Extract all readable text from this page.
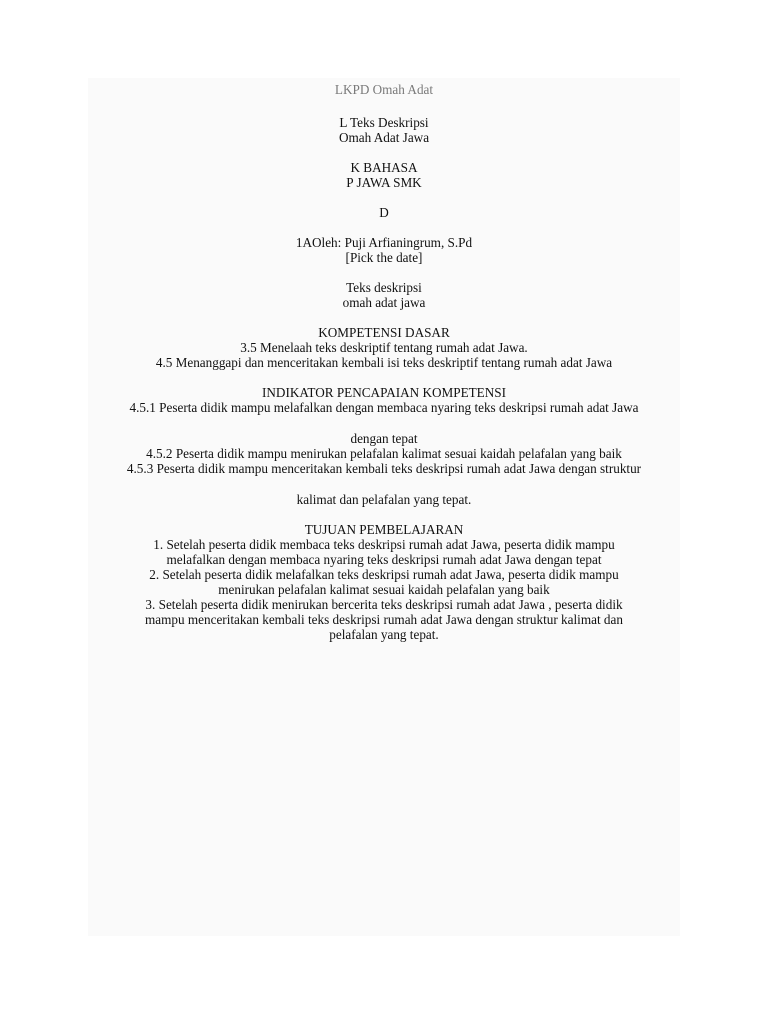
LKPD Omah Adat
L Teks Deskripsi
Omah Adat Jawa
K BAHASA
P JAWA SMK
D
1AOleh: Puji Arfianingrum, S.Pd
[Pick the date]
Teks deskripsi
omah adat jawa
KOMPETENSI DASAR
3.5 Menelaah teks deskriptif tentang rumah adat Jawa.
4.5 Menanggapi dan menceritakan kembali isi teks deskriptif tentang rumah adat Jawa
INDIKATOR PENCAPAIAN KOMPETENSI
4.5.1 Peserta didik mampu melafalkan dengan membaca nyaring teks deskripsi rumah adat Jawa
dengan tepat
4.5.2 Peserta didik mampu menirukan pelafalan kalimat sesuai kaidah pelafalan yang baik
4.5.3 Peserta didik mampu menceritakan kembali teks deskripsi rumah adat Jawa dengan struktur
kalimat dan pelafalan yang tepat.
TUJUAN PEMBELAJARAN
1. Setelah peserta didik membaca teks deskripsi rumah adat Jawa, peserta didik mampu
melafalkan dengan membaca nyaring teks deskripsi rumah adat Jawa dengan tepat
2. Setelah peserta didik melafalkan teks deskripsi rumah adat Jawa, peserta didik mampu
menirukan pelafalan kalimat sesuai kaidah pelafalan yang baik
3. Setelah peserta didik menirukan bercerita teks deskripsi rumah adat Jawa , peserta didik
mampu menceritakan kembali teks deskripsi rumah adat Jawa dengan struktur kalimat dan
pelafalan yang tepat.
